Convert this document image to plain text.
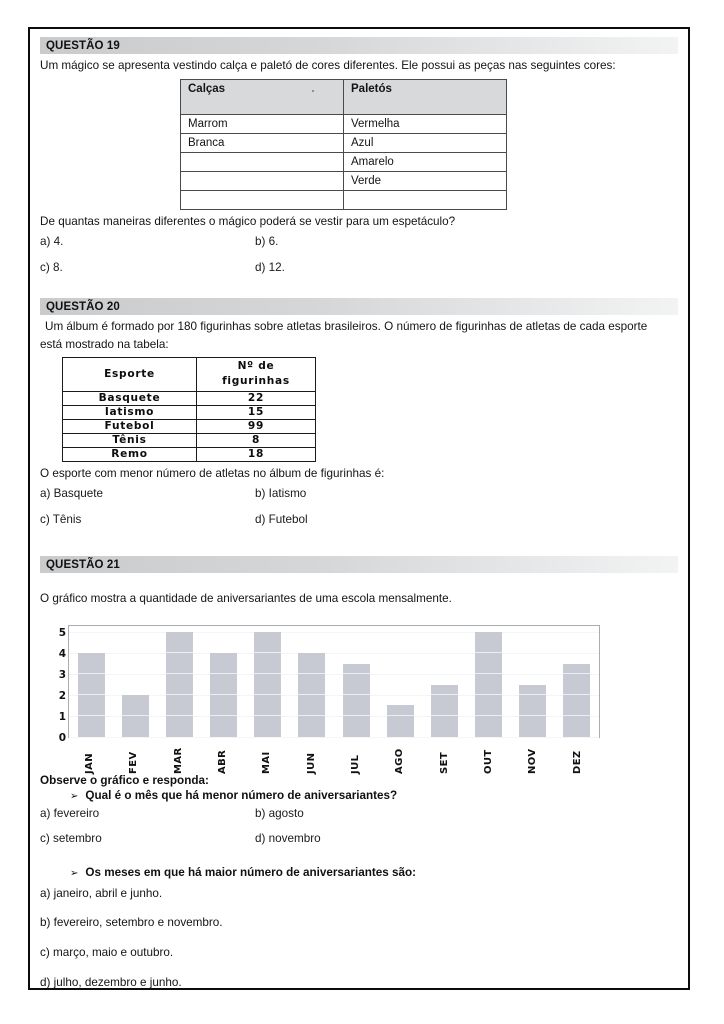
QUESTÃO 19

Um mágico se apresenta vestindo calça e paletó de cores diferentes. Ele possui as peças nas seguintes cores:

Calças	Paletós
Marrom	Vermelha
Branca	Azul
	Amarelo
	Verde

De quantas maneiras diferentes o mágico poderá se vestir para um espetáculo?

a) 4.	b) 6.
c) 8.	d) 12.
QUESTÃO 20

Um álbum é formado por 180 figurinhas sobre atletas brasileiros. O número de figurinhas de atletas de cada esporte

está mostrado na tabela:

Esporte	Nº de
figurinhas

Basquete	22
Iatismo	15
Futebol	99
Tênis	8
Remo	18

O esporte com menor número de atletas no álbum de figurinhas é:

a) Basquete	b) Iatismo
c) Tênis	d) Futebol
QUESTÃO 21

O gráfico mostra a quantidade de aniversariantes de uma escola mensalmente.

5
4
3
2
1
0
JAN	FEV	MAR	ABR	MAI	JUN	JUL	AGO	SET	OUT	NOV	DEZ

Observe o gráfico e responda:

➢ Qual é o mês que há menor número de aniversariantes?
a) fevereiro	b) agosto
c) setembro	d) novembro
➢ Os meses em que há maior número de aniversariantes são:
a) janeiro, abril e junho.
b) fevereiro, setembro e novembro.
c) março, maio e outubro.
d) julho, dezembro e junho.
